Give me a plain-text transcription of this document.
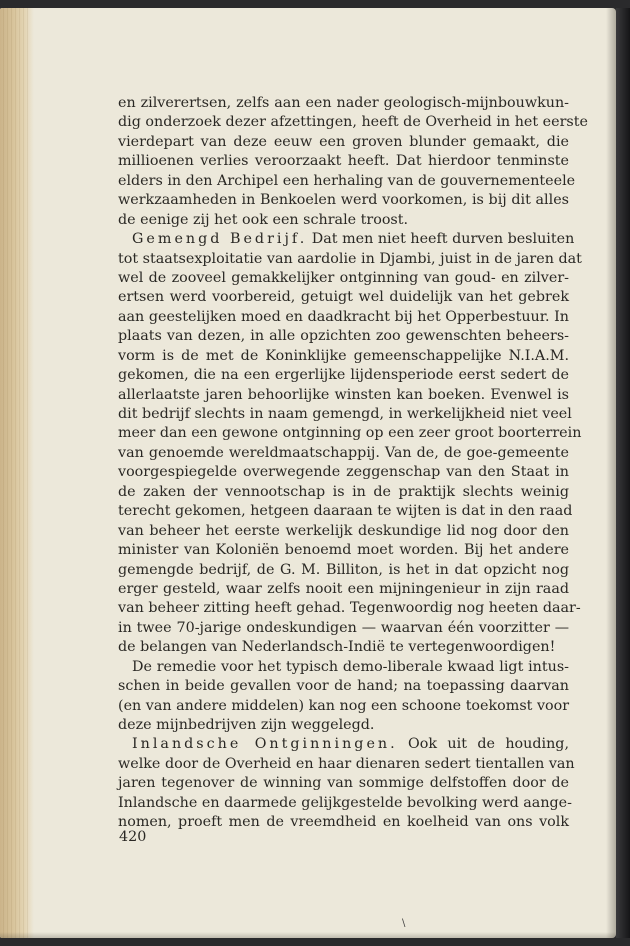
en zilverertsen, zelfs aan een nader geologisch-mijnbouwkun-
dig onderzoek dezer afzettingen, heeft de Overheid in het eerste
vierdepart van deze eeuw een groven blunder gemaakt, die
millioenen verlies veroorzaakt heeft. Dat hierdoor tenminste
elders in den Archipel een herhaling van de gouvernementeele
werkzaamheden in Benkoelen werd voorkomen, is bij dit alles
de eenige zij het ook een schrale troost.
Gemengd Bedrijf. Dat men niet heeft durven besluiten
tot staatsexploitatie van aardolie in Djambi, juist in de jaren dat
wel de zooveel gemakkelijker ontginning van goud- en zilver-
ertsen werd voorbereid, getuigt wel duidelijk van het gebrek
aan geestelijken moed en daadkracht bij het Opperbestuur. In
plaats van dezen, in alle opzichten zoo gewenschten beheers-
vorm is de met de Koninklijke gemeenschappelijke N.I.A.M.
gekomen, die na een ergerlijke lijdensperiode eerst sedert de
allerlaatste jaren behoorlijke winsten kan boeken. Evenwel is
dit bedrijf slechts in naam gemengd, in werkelijkheid niet veel
meer dan een gewone ontginning op een zeer groot boorterrein
van genoemde wereldmaatschappij. Van de, de goe-gemeente
voorgespiegelde overwegende zeggenschap van den Staat in
de zaken der vennootschap is in de praktijk slechts weinig
terecht gekomen, hetgeen daaraan te wijten is dat in den raad
van beheer het eerste werkelijk deskundige lid nog door den
minister van Koloniën benoemd moet worden. Bij het andere
gemengde bedrijf, de G. M. Billiton, is het in dat opzicht nog
erger gesteld, waar zelfs nooit een mijningenieur in zijn raad
van beheer zitting heeft gehad. Tegenwoordig nog heeten daar-
in twee 70-jarige ondeskundigen — waarvan één voorzitter —
de belangen van Nederlandsch-Indië te vertegenwoordigen!
De remedie voor het typisch demo-liberale kwaad ligt intus-
schen in beide gevallen voor de hand; na toepassing daarvan
(en van andere middelen) kan nog een schoone toekomst voor
deze mijnbedrijven zijn weggelegd.
Inlandsche Ontginningen. Ook uit de houding,
welke door de Overheid en haar dienaren sedert tientallen van
jaren tegenover de winning van sommige delfstoffen door de
Inlandsche en daarmede gelijkgestelde bevolking werd aange-
nomen, proeft men de vreemdheid en koelheid van ons volk
420
\
